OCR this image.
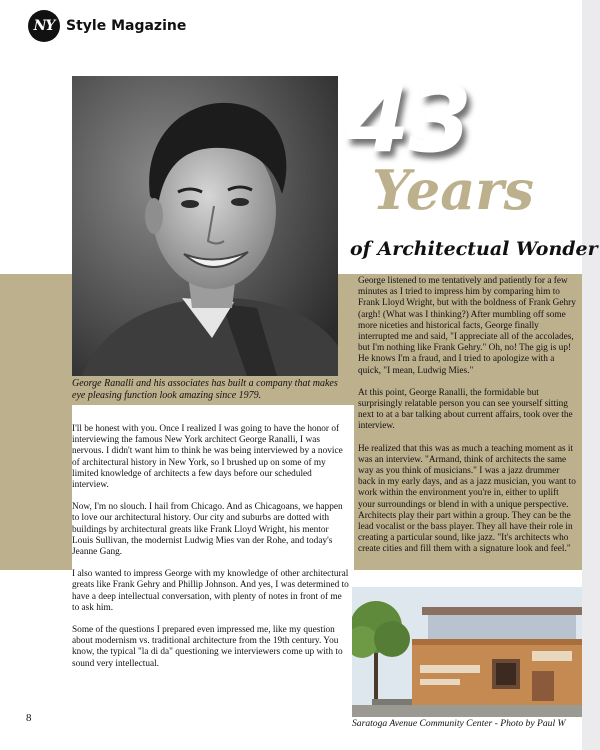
NY Style Magazine
George Ranalli and his associates has built a company that makes eye pleasing function look amazing since 1979.
43
Years
of Architectual Wonder

George listened to me tentatively and patiently for a few minutes as I tried to impress him by comparing him to Frank Lloyd Wright, but with the boldness of Frank Gehry (argh! (What was I thinking?) After mumbling off some more niceties and historical facts, George finally interrupted me and said, "I appreciate all of the accolades, but I'm nothing like Frank Gehry." Oh, no! The gig is up! He knows I'm a fraud, and I tried to apologize with a quick, "I mean, Ludwig Mies."

At this point, George Ranalli, the formidable but surprisingly relatable person you can see yourself sitting next to at a bar talking about current affairs, took over the interview.

He realized that this was as much a teaching moment as it was an interview. "Armand, think of architects the same way as you think of musicians." I was a jazz drummer back in my early days, and as a jazz musician, you want to work within the environment you're in, either to uplift your surroundings or blend in with a unique perspective. Architects play their part within a group. They can be the lead vocalist or the bass player. They all have their role in creating a particular sound, like jazz. "It's architects who create cities and fill them with a signature look and feel."

I'll be honest with you. Once I realized I was going to have the honor of interviewing the famous New York architect George Ranalli, I was nervous. I didn't want him to think he was being interviewed by a novice of architectural history in New York, so I brushed up on some of my limited knowledge of architects a few days before our scheduled interview.

Now, I'm no slouch. I hail from Chicago. And as Chicagoans, we happen to love our architectural history. Our city and suburbs are dotted with buildings by architectural greats like Frank Lloyd Wright, his mentor Louis Sullivan, the modernist Ludwig Mies van der Rohe, and today's Jeanne Gang.

I also wanted to impress George with my knowledge of other architectural greats like Frank Gehry and Phillip Johnson. And yes, I was determined to have a deep intellectual conversation, with plenty of notes in front of me to ask him.

Some of the questions I prepared even impressed me, like my question about modernism vs. traditional architecture from the 19th century. You know, the typical "la di da" questioning we interviewers come up with to sound very intellectual.

Saratoga Avenue Community Center - Photo by Paul W
8
